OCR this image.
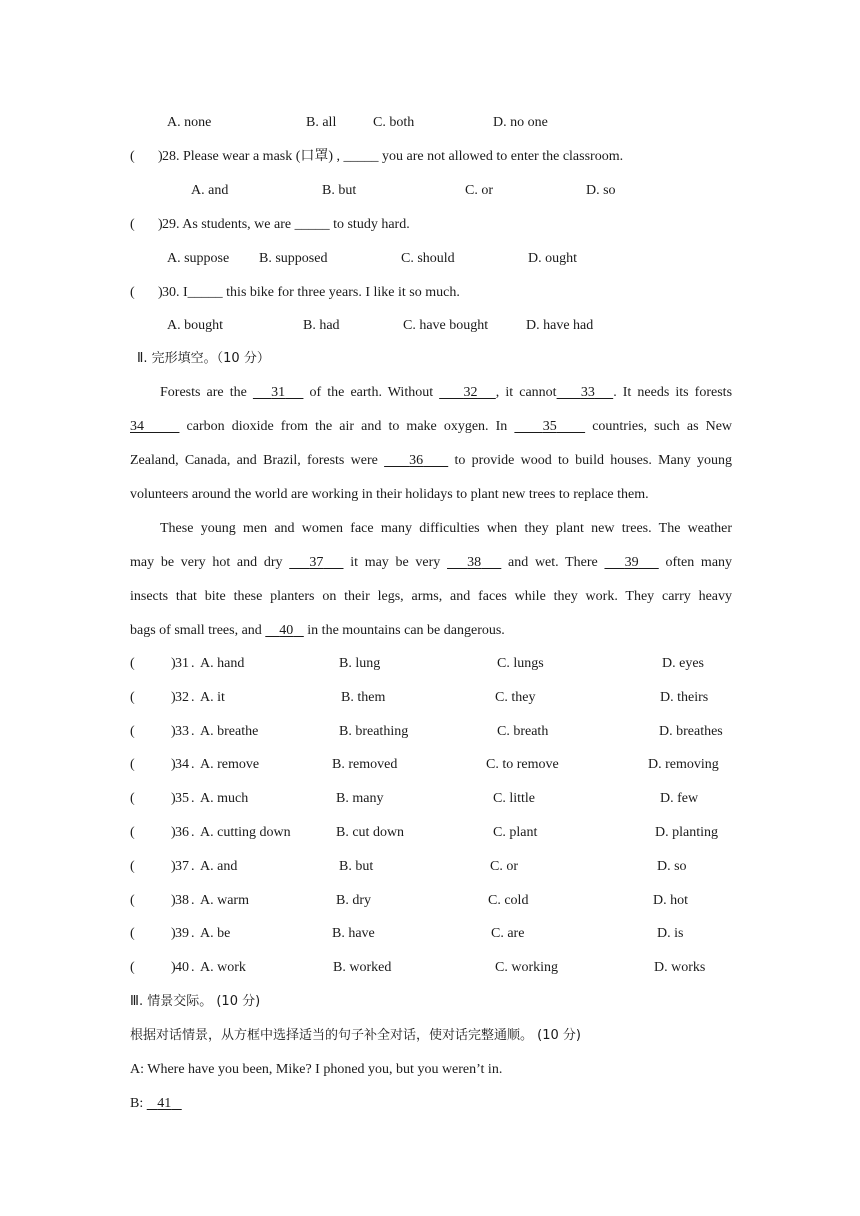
A. none	B. all	C. both	D. no one
( ) 28. Please wear a mask (口罩) , _____ you are not allowed to enter the classroom.
A. and	B. but	C. or	D. so
( ) 29. As students, we are _____ to study hard.
A. suppose B. supposed	C. should	D. ought
( ) 30. I_____ this bike for three years. I like it so much.
A. bought	B. had	C. have bought	D. have had
Ⅱ. 完形填空。（10 分）
Forests are the    31    of the earth. Without     32 , it cannot 33 . It needs its forests
34	carbon dioxide from the air and to make oxygen. In     35     countries, such as New
Zealand, Canada, and Brazil, forests were     36     to provide wood to build houses. Many young
volunteers around the world are working in their holidays to plant new trees to replace them.
These young men and women face many difficulties when they plant new trees. The weather
may be very hot and dry    37    it may be very    38    and wet. There    39    often many
insects that bite these planters on their legs, arms, and faces while they work. They carry heavy
bags of small trees, and     40    in the mountains can be dangerous.
(	) 31 . A. hand	B. lung	C. lungs	D. eyes
(	) 32 . A. it	B. them	C. they	D. theirs
(	) 33 . A. breathe	B. breathing	C. breath	D. breathes
(	) 34 . A. remove	B. removed	C. to remove	D. removing
(	) 35 . A. much	B. many	C. little	D. few
(	) 36 . A. cutting down	B. cut down	C. plant	D. planting
(	) 37 . A. and	B. but	C. or	D. so
(	) 38 . A. warm	B. dry	C. cold	D. hot
(	) 39 . A. be	B. have	C. are	D. is
(	) 40 . A. work	B. worked	C. working	D. works
Ⅲ. 情景交际。 (10 分)
根据对话情景，从方框中选择适当的句子补全对话，使对话完整通顺。 (10 分)
A: Where have you been, Mike? I phoned you, but you weren’t in.
B:    41
